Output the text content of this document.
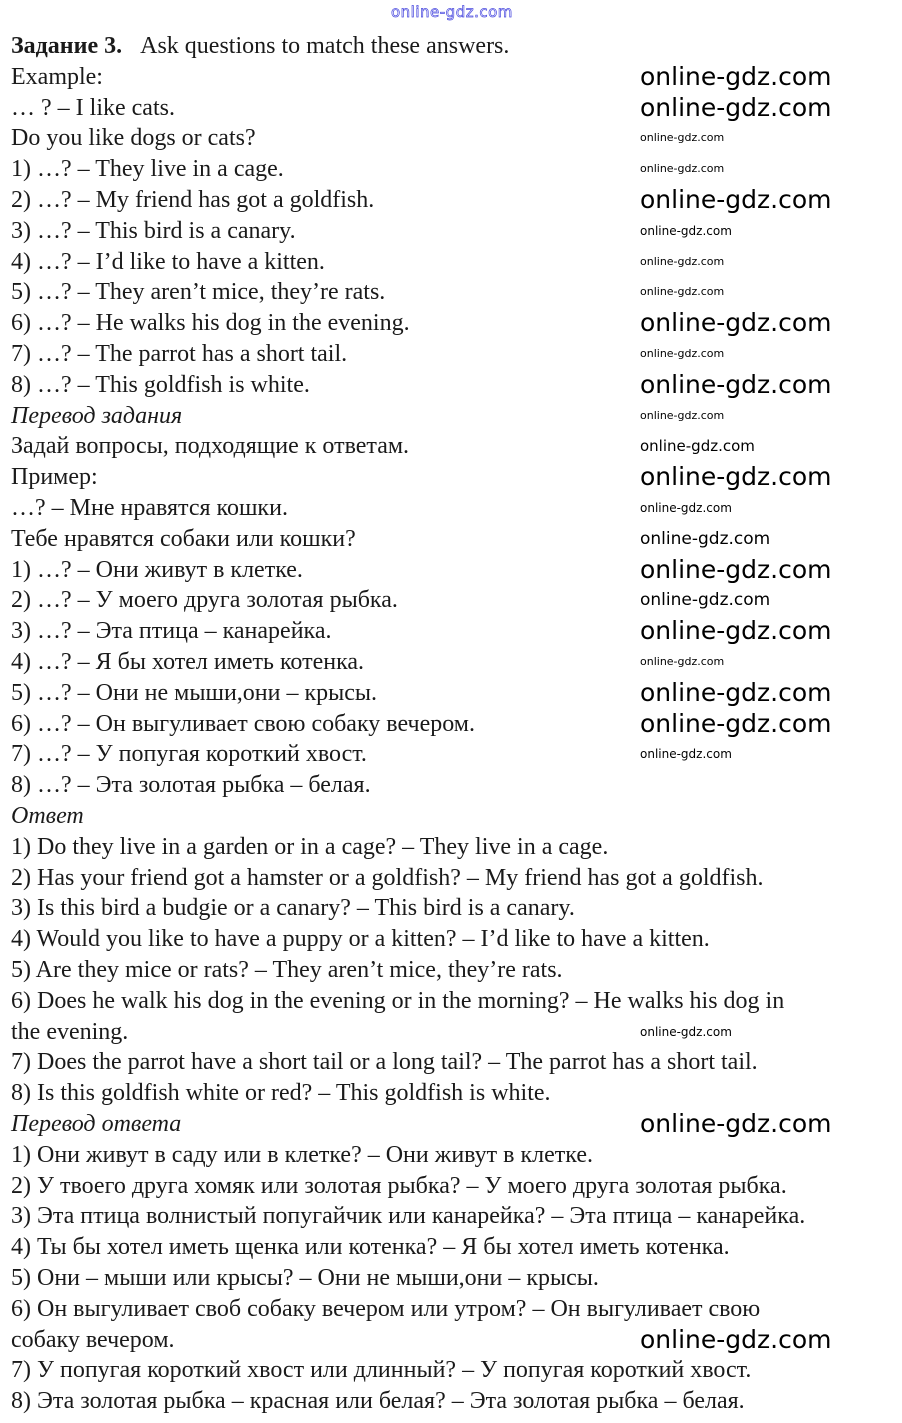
online-gdz.com
Задание 3. Ask questions to match these answers.
Example:
… ? – I like cats.
Do you like dogs or cats?
1) …? – They live in a cage.
2) …? – My friend has got a goldfish.
3) …? – This bird is a canary.
4) …? – I’d like to have a kitten.
5) …? – They aren’t mice, they’re rats.
6) …? – He walks his dog in the evening.
7) …? – The parrot has a short tail.
8) …? – This goldfish is white.
Перевод задания
Задай вопросы, подходящие к ответам.
Пример:
…? – Мне нравятся кошки.
Тебе нравятся собаки или кошки?
1) …? – Они живут в клетке.
2) …? – У моего друга золотая рыбка.
3) …? – Эта птица – канарейка.
4) …? – Я бы хотел иметь котенка.
5) …? – Они не мыши,они – крысы.
6) …? – Он выгуливает свою собаку вечером.
7) …? – У попугая короткий хвост.
8) …? – Эта золотая рыбка – белая.
Ответ
1) Do they live in a garden or in a cage? – They live in a cage.
2) Has your friend got a hamster or a goldfish? – My friend has got a goldfish.
3) Is this bird a budgie or a canary? – This bird is a canary.
4) Would you like to have a puppy or a kitten? – I’d like to have a kitten.
5) Are they mice or rats? – They aren’t mice, they’re rats.
6) Does he walk his dog in the evening or in the morning? – He walks his dog in
the evening.
7) Does the parrot have a short tail or a long tail? – The parrot has a short tail.
8) Is this goldfish white or red? – This goldfish is white.
Перевод ответа
1) Они живут в саду или в клетке? – Они живут в клетке.
2) У твоего друга хомяк или золотая рыбка? – У моего друга золотая рыбка.
3) Эта птица волнистый попугайчик или канарейка? – Эта птица – канарейка.
4) Ты бы хотел иметь щенка или котенка? – Я бы хотел иметь котенка.
5) Они – мыши или крысы? – Они не мыши,они – крысы.
6) Он выгуливает своб собаку вечером или утром? – Он выгуливает свою
собаку вечером.
7) У попугая короткий хвост или длинный? – У попугая короткий хвост.
8) Эта золотая рыбка – красная или белая? – Эта золотая рыбка – белая.
online-gdz.com
online-gdz.com
online-gdz.com
online-gdz.com
online-gdz.com
online-gdz.com
online-gdz.com
online-gdz.com
online-gdz.com
online-gdz.com
online-gdz.com
online-gdz.com
online-gdz.com
online-gdz.com
online-gdz.com
online-gdz.com
online-gdz.com
online-gdz.com
online-gdz.com
online-gdz.com
online-gdz.com
online-gdz.com
online-gdz.com
online-gdz.com
online-gdz.com
online-gdz.com
